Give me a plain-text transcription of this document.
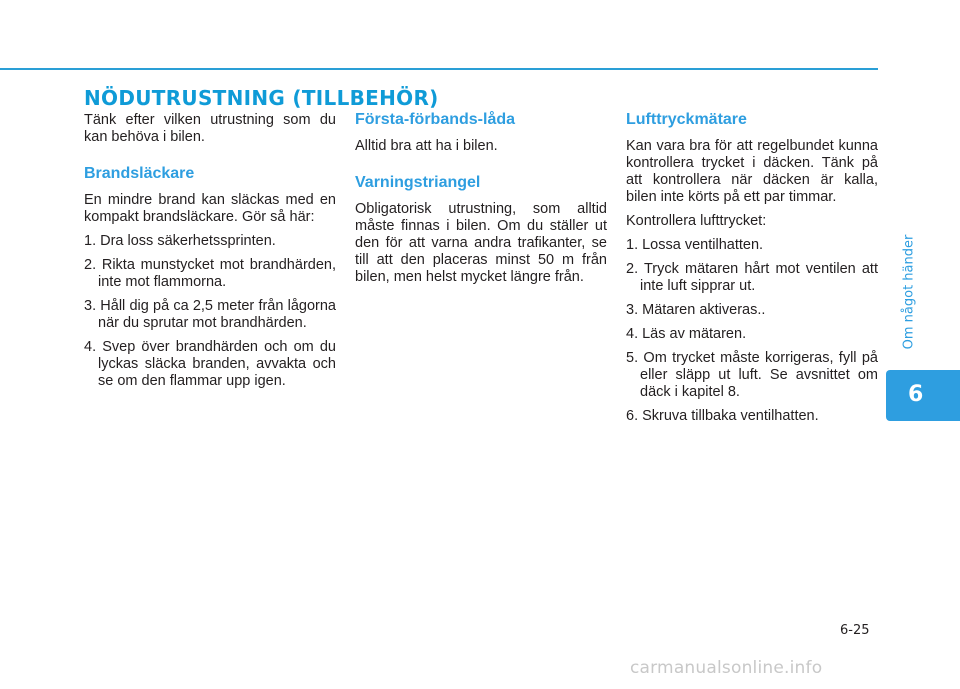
NÖDUTRUSTNING (TILLBEHÖR)

Tänk efter vilken utrustning som du kan behöva i bilen.

Brandsläckare

En mindre brand kan släckas med en kompakt brandsläckare. Gör så här:

1. Dra loss säkerhetssprinten.
2. Rikta munstycket mot brandhärden, inte mot flammorna.
3. Håll dig på ca 2,5 meter från lågorna när du sprutar mot brandhärden.
4. Svep över brandhärden och om du lyckas släcka branden, avvakta och se om den flammar upp igen.
Första-förbands-låda

Alltid bra att ha i bilen.

Varningstriangel

Obligatorisk utrustning, som alltid måste finnas i bilen. Om du ställer ut den för att varna andra trafikanter, se till att den placeras minst 50 m från bilen, men helst mycket längre från.

Lufttryckmätare

Kan vara bra för att regelbundet kunna kontrollera trycket i däcken. Tänk på att kontrollera när däcken är kalla, bilen inte körts på ett par timmar.

Kontrollera lufttrycket:

1. Lossa ventilhatten.
2. Tryck mätaren hårt mot ventilen att inte luft sipprar ut.
3. Mätaren aktiveras..
4. Läs av mätaren.
5. Om trycket måste korrigeras, fyll på eller släpp ut luft. Se avsnittet om däck i kapitel 8.
6. Skruva tillbaka ventilhatten.
Om något händer
6
6-25
carmanualsonline.info
